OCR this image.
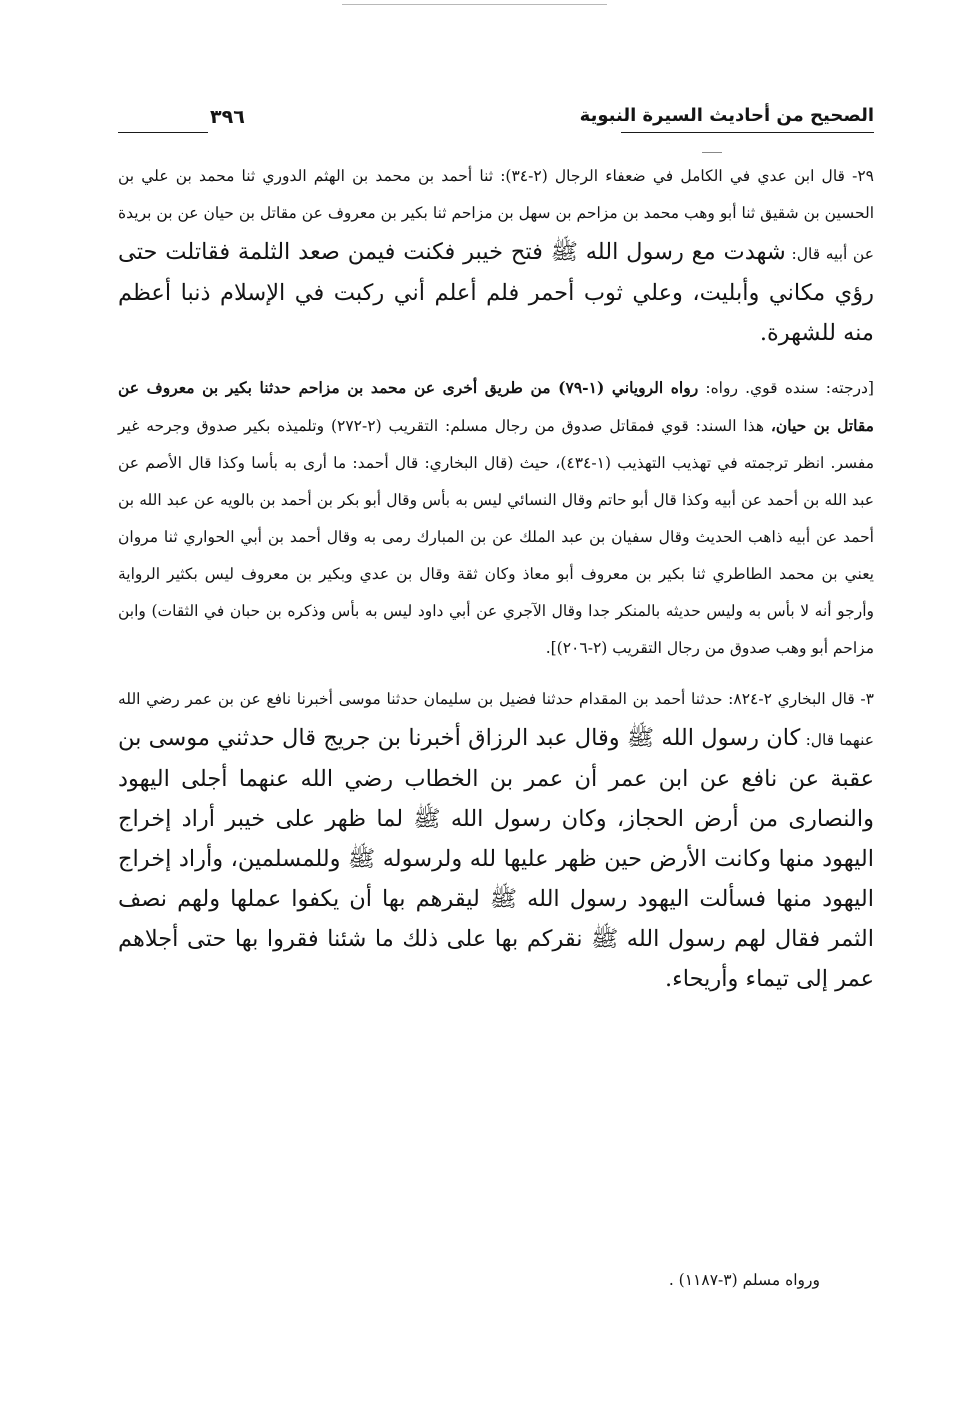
الصحيح من أحاديث السيرة النبوية
٣٩٦

٢٩- قال ابن عدي في الكامل في ضعفاء الرجال (٢-٣٤): ثنا أحمد بن محمد بن الهثم الدوري ثنا محمد بن علي بن الحسين بن شقيق ثنا أبو وهب محمد بن مزاحم بن سهل بن مزاحم ثنا بكير بن معروف عن مقاتل بن حيان عن بن بريدة عن أبيه قال: شهدت مع رسول الله ﷺ فتح خيبر فكنت فيمن صعد الثلمة فقاتلت حتى رؤي مكاني وأبليت، وعلي ثوب أحمر فلم أعلم أني ركبت في الإسلام ذنبا أعظم منه للشهرة.

[درجته: سنده قوي. رواه: رواه الروياني (١-٧٩) من طريق أخرى عن محمد بن مزاحم حدثنا بكير بن معروف عن مقاتل بن حيان، هذا السند: قوي فمقاتل صدوق من رجال مسلم: التقريب (٢-٢٧٢) وتلميذه بكير صدوق وجرحه غير مفسر. انظر ترجمته في تهذيب التهذيب (١-٤٣٤)، حيث (قال البخاري: قال أحمد: ما أرى به بأسا وكذا قال الأصم عن عبد الله بن أحمد عن أبيه وكذا قال أبو حاتم وقال النسائي ليس به بأس وقال أبو بكر بن أحمد بن بالويه عن عبد الله بن أحمد عن أبيه ذاهب الحديث وقال سفيان بن عبد الملك عن بن المبارك رمى به وقال أحمد بن أبي الحواري ثنا مروان يعني بن محمد الطاطري ثنا بكير بن معروف أبو معاذ وكان ثقة وقال بن عدي وبكير بن معروف ليس بكثير الرواية وأرجو أنه لا بأس به وليس حديثه بالمنكر جدا وقال الآجري عن أبي داود ليس به بأس وذكره بن حبان في الثقات) وابن مزاحم أبو وهب صدوق من رجال التقريب (٢-٢٠٦)].

٣- قال البخاري ٢-٨٢٤: حدثنا أحمد بن المقدام حدثنا فضيل بن سليمان حدثنا موسى أخبرنا نافع عن بن عمر رضي الله عنهما قال: كان رسول الله ﷺ وقال عبد الرزاق أخبرنا بن جريج قال حدثني موسى بن عقبة عن نافع عن ابن عمر أن عمر بن الخطاب رضي الله عنهما أجلى اليهود والنصارى من أرض الحجاز، وكان رسول الله ﷺ لما ظهر على خيبر أراد إخراج اليهود منها وكانت الأرض حين ظهر عليها لله ولرسوله ﷺ وللمسلمين، وأراد إخراج اليهود منها فسألت اليهود رسول الله ﷺ ليقرهم بها أن يكفوا عملها ولهم نصف الثمر فقال لهم رسول الله ﷺ نقركم بها على ذلك ما شئنا فقروا بها حتى أجلاهم عمر إلى تيماء وأريحاء.

ورواه مسلم (٣-١١٨٧) .
